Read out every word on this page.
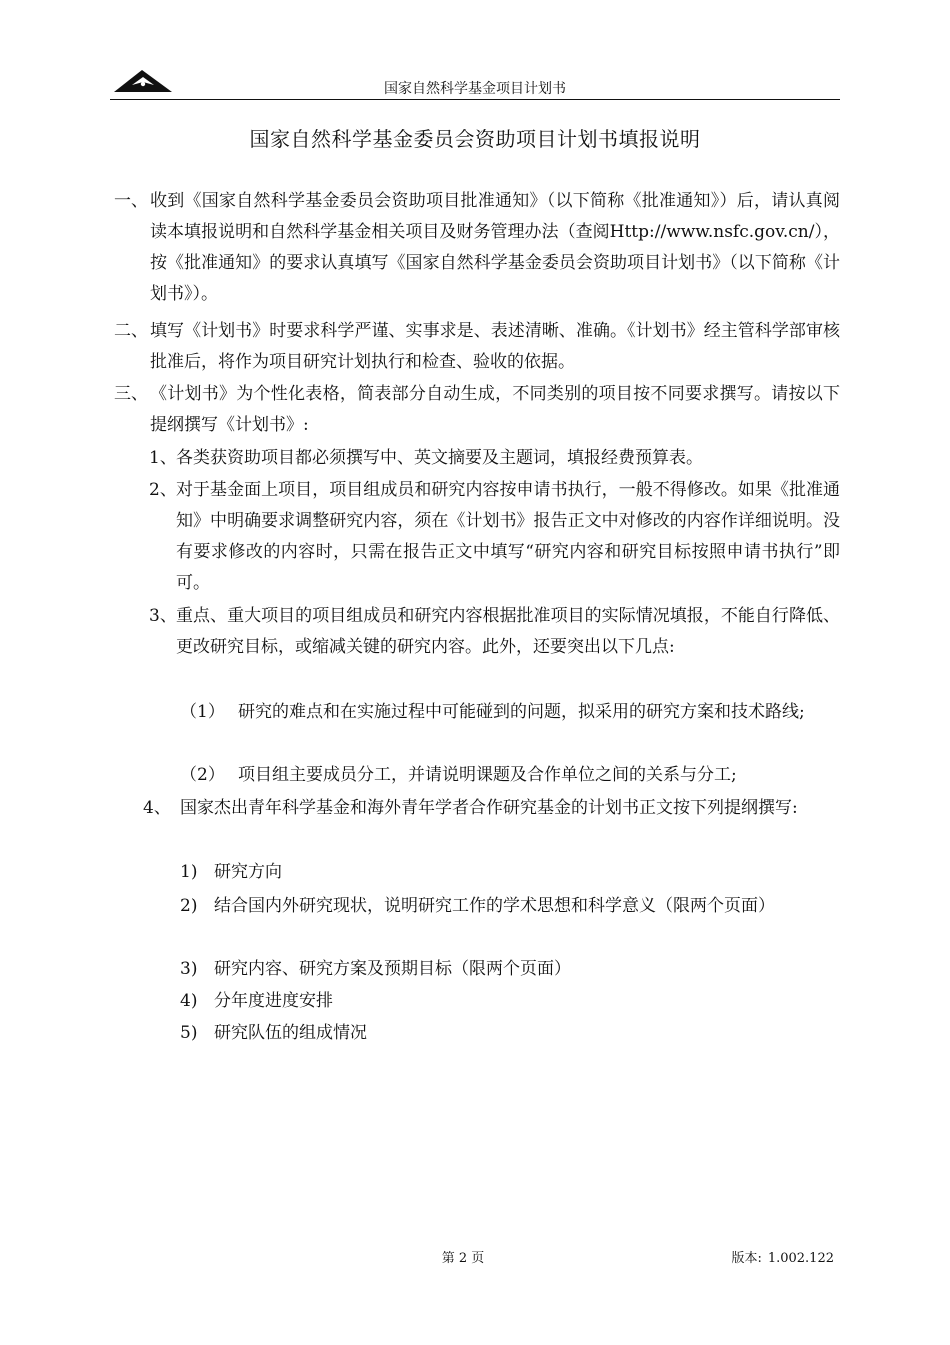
国家自然科学基金项目计划书
国家自然科学基金委员会资助项目计划书填报说明
一、 收到《国家自然科学基金委员会资助项目批准通知》（以下简称《批准通知》）后，请认真阅读本填报说明和自然科学基金相关项目及财务管理办法（查阅Http://www.nsfc.gov.cn/），按《批准通知》的要求认真填写《国家自然科学基金委员会资助项目计划书》（以下简称《计划书》）。

二、 填写《计划书》时要求科学严谨、实事求是、表述清晰、准确。《计划书》经主管科学部审核批准后，将作为项目研究计划执行和检查、验收的依据。

三、 《计划书》为个性化表格，简表部分自动生成，不同类别的项目按不同要求撰写。请按以下提纲撰写《计划书》:

1、 各类获资助项目都必须撰写中、英文摘要及主题词，填报经费预算表。

2、 对于基金面上项目，项目组成员和研究内容按申请书执行，一般不得修改。如果《批准通知》中明确要求调整研究内容，须在《计划书》报告正文中对修改的内容作详细说明。没有要求修改的内容时，只需在报告正文中填写“研究内容和研究目标按照申请书执行”即可。

3、 重点、重大项目的项目组成员和研究内容根据批准项目的实际情况填报，不能自行降低、更改研究目标，或缩减关键的研究内容。此外，还要突出以下几点:

（1） 研究的难点和在实施过程中可能碰到的问题，拟采用的研究方案和技术路线;

（2） 项目组主要成员分工，并请说明课题及合作单位之间的关系与分工;

4、 国家杰出青年科学基金和海外青年学者合作研究基金的计划书正文按下列提纲撰写:

1) 研究方向

2) 结合国内外研究现状，说明研究工作的学术思想和科学意义（限两个页面）

3) 研究内容、研究方案及预期目标（限两个页面）

4) 分年度进度安排

5) 研究队伍的组成情况

第 2 页	版本: 1.002.122
